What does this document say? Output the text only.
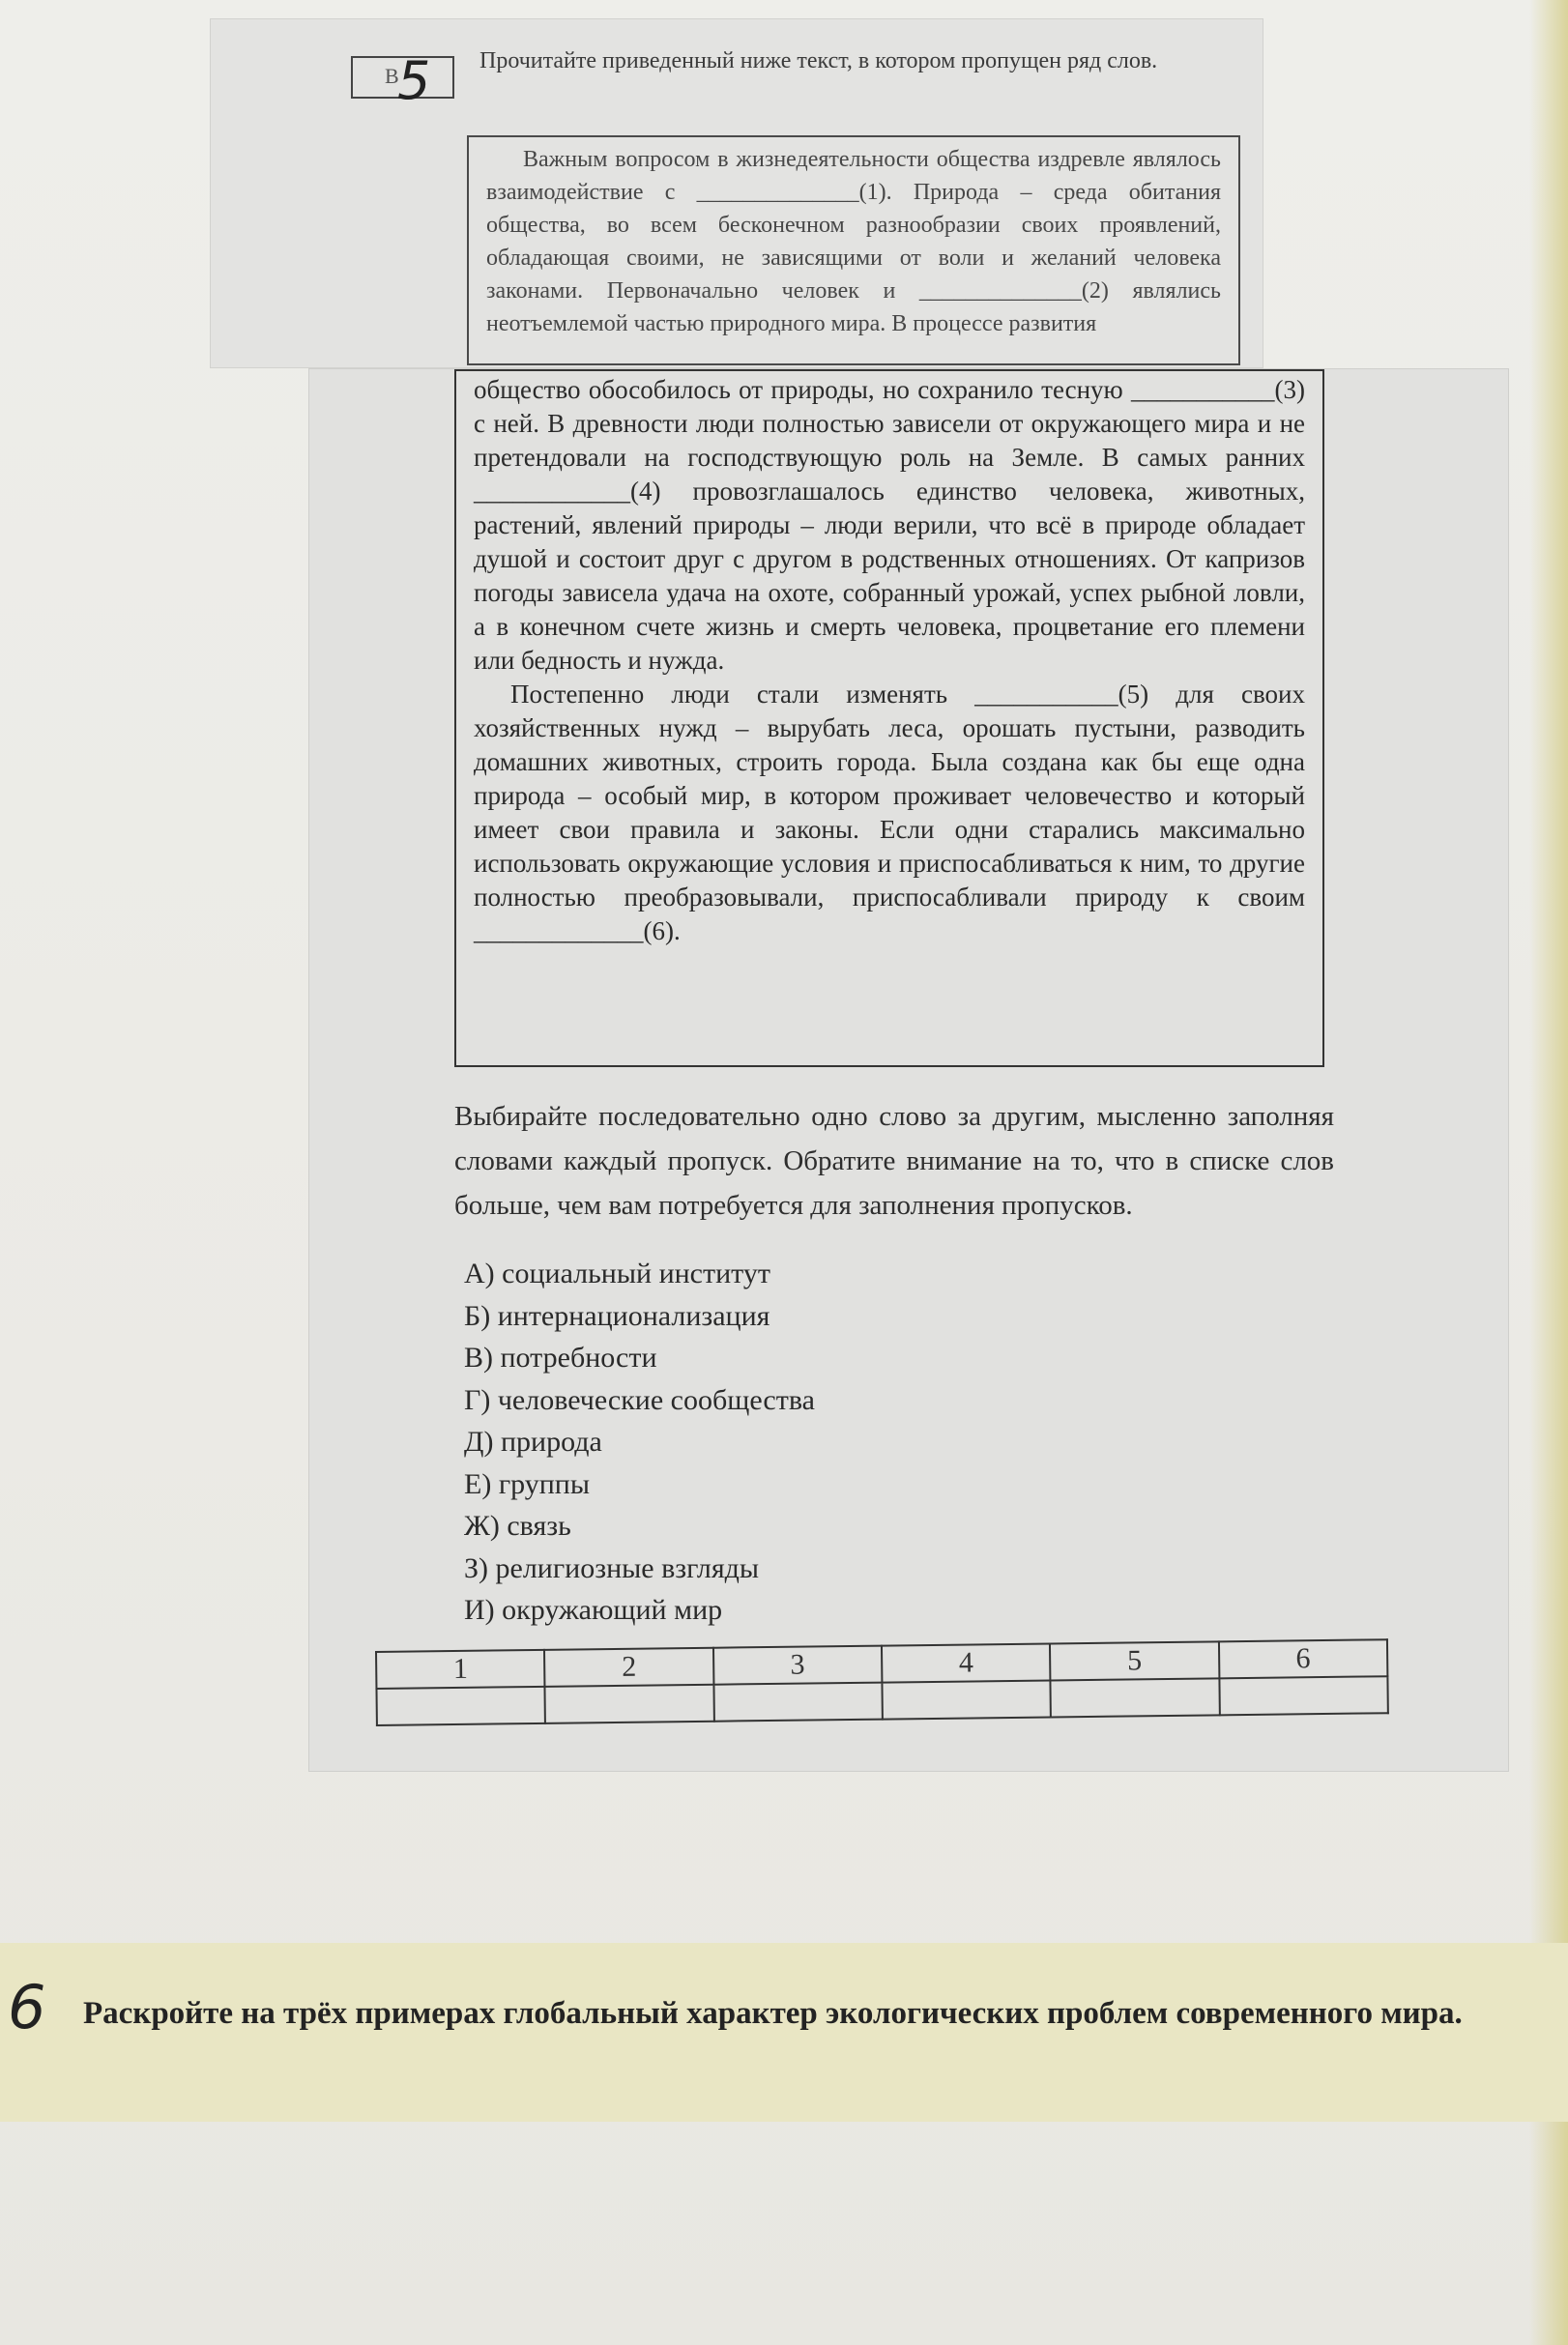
В
5 Прочитайте приведенный ниже текст, в котором пропущен ряд слов.

Важным вопросом в жизнедеятельности общества издревле являлось взаимодействие с ______________(1). Природа – среда обитания общества, во всем бесконечном разнообразии своих проявлений, обладающая своими, не зависящими от воли и желаний человека законами. Первоначально человек и ______________(2) являлись неотъемлемой частью природного мира. В процессе развития

общество обособилось от природы, но сохранило тесную ___________(3) с ней. В древности люди полностью зависели от окружающего мира и не претендовали на господствующую роль на Земле. В самых ранних ____________(4) провозглашалось единство человека, животных, растений, явлений природы – люди верили, что всё в природе обладает душой и состоит друг с другом в родственных отношениях. От капризов погоды зависела удача на охоте, собранный урожай, успех рыбной ловли, а в конечном счете жизнь и смерть человека, процветание его племени или бедность и нужда.

Постепенно люди стали изменять ___________(5) для своих хозяйственных нужд – вырубать леса, орошать пустыни, разводить домашних животных, строить города. Была создана как бы еще одна природа – особый мир, в котором проживает человечество и который имеет свои правила и законы. Если одни старались максимально использовать окружающие условия и приспосабливаться к ним, то другие полностью преобразовывали, приспосабливали природу к своим _____________(6).

Выбирайте последовательно одно слово за другим, мысленно заполняя словами каждый пропуск. Обратите внимание на то, что в списке слов больше, чем вам потребуется для заполнения пропусков.

А) социальный институт
Б) интернационализация
В) потребности
Г) человеческие сообщества
Д) природа
Е) группы
Ж) связь
З) религиозные взгляды
И) окружающий мир
1	2	3	4	5	6

6	Раскройте на трёх примерах глобальный характер экологических проблем современного мира.
